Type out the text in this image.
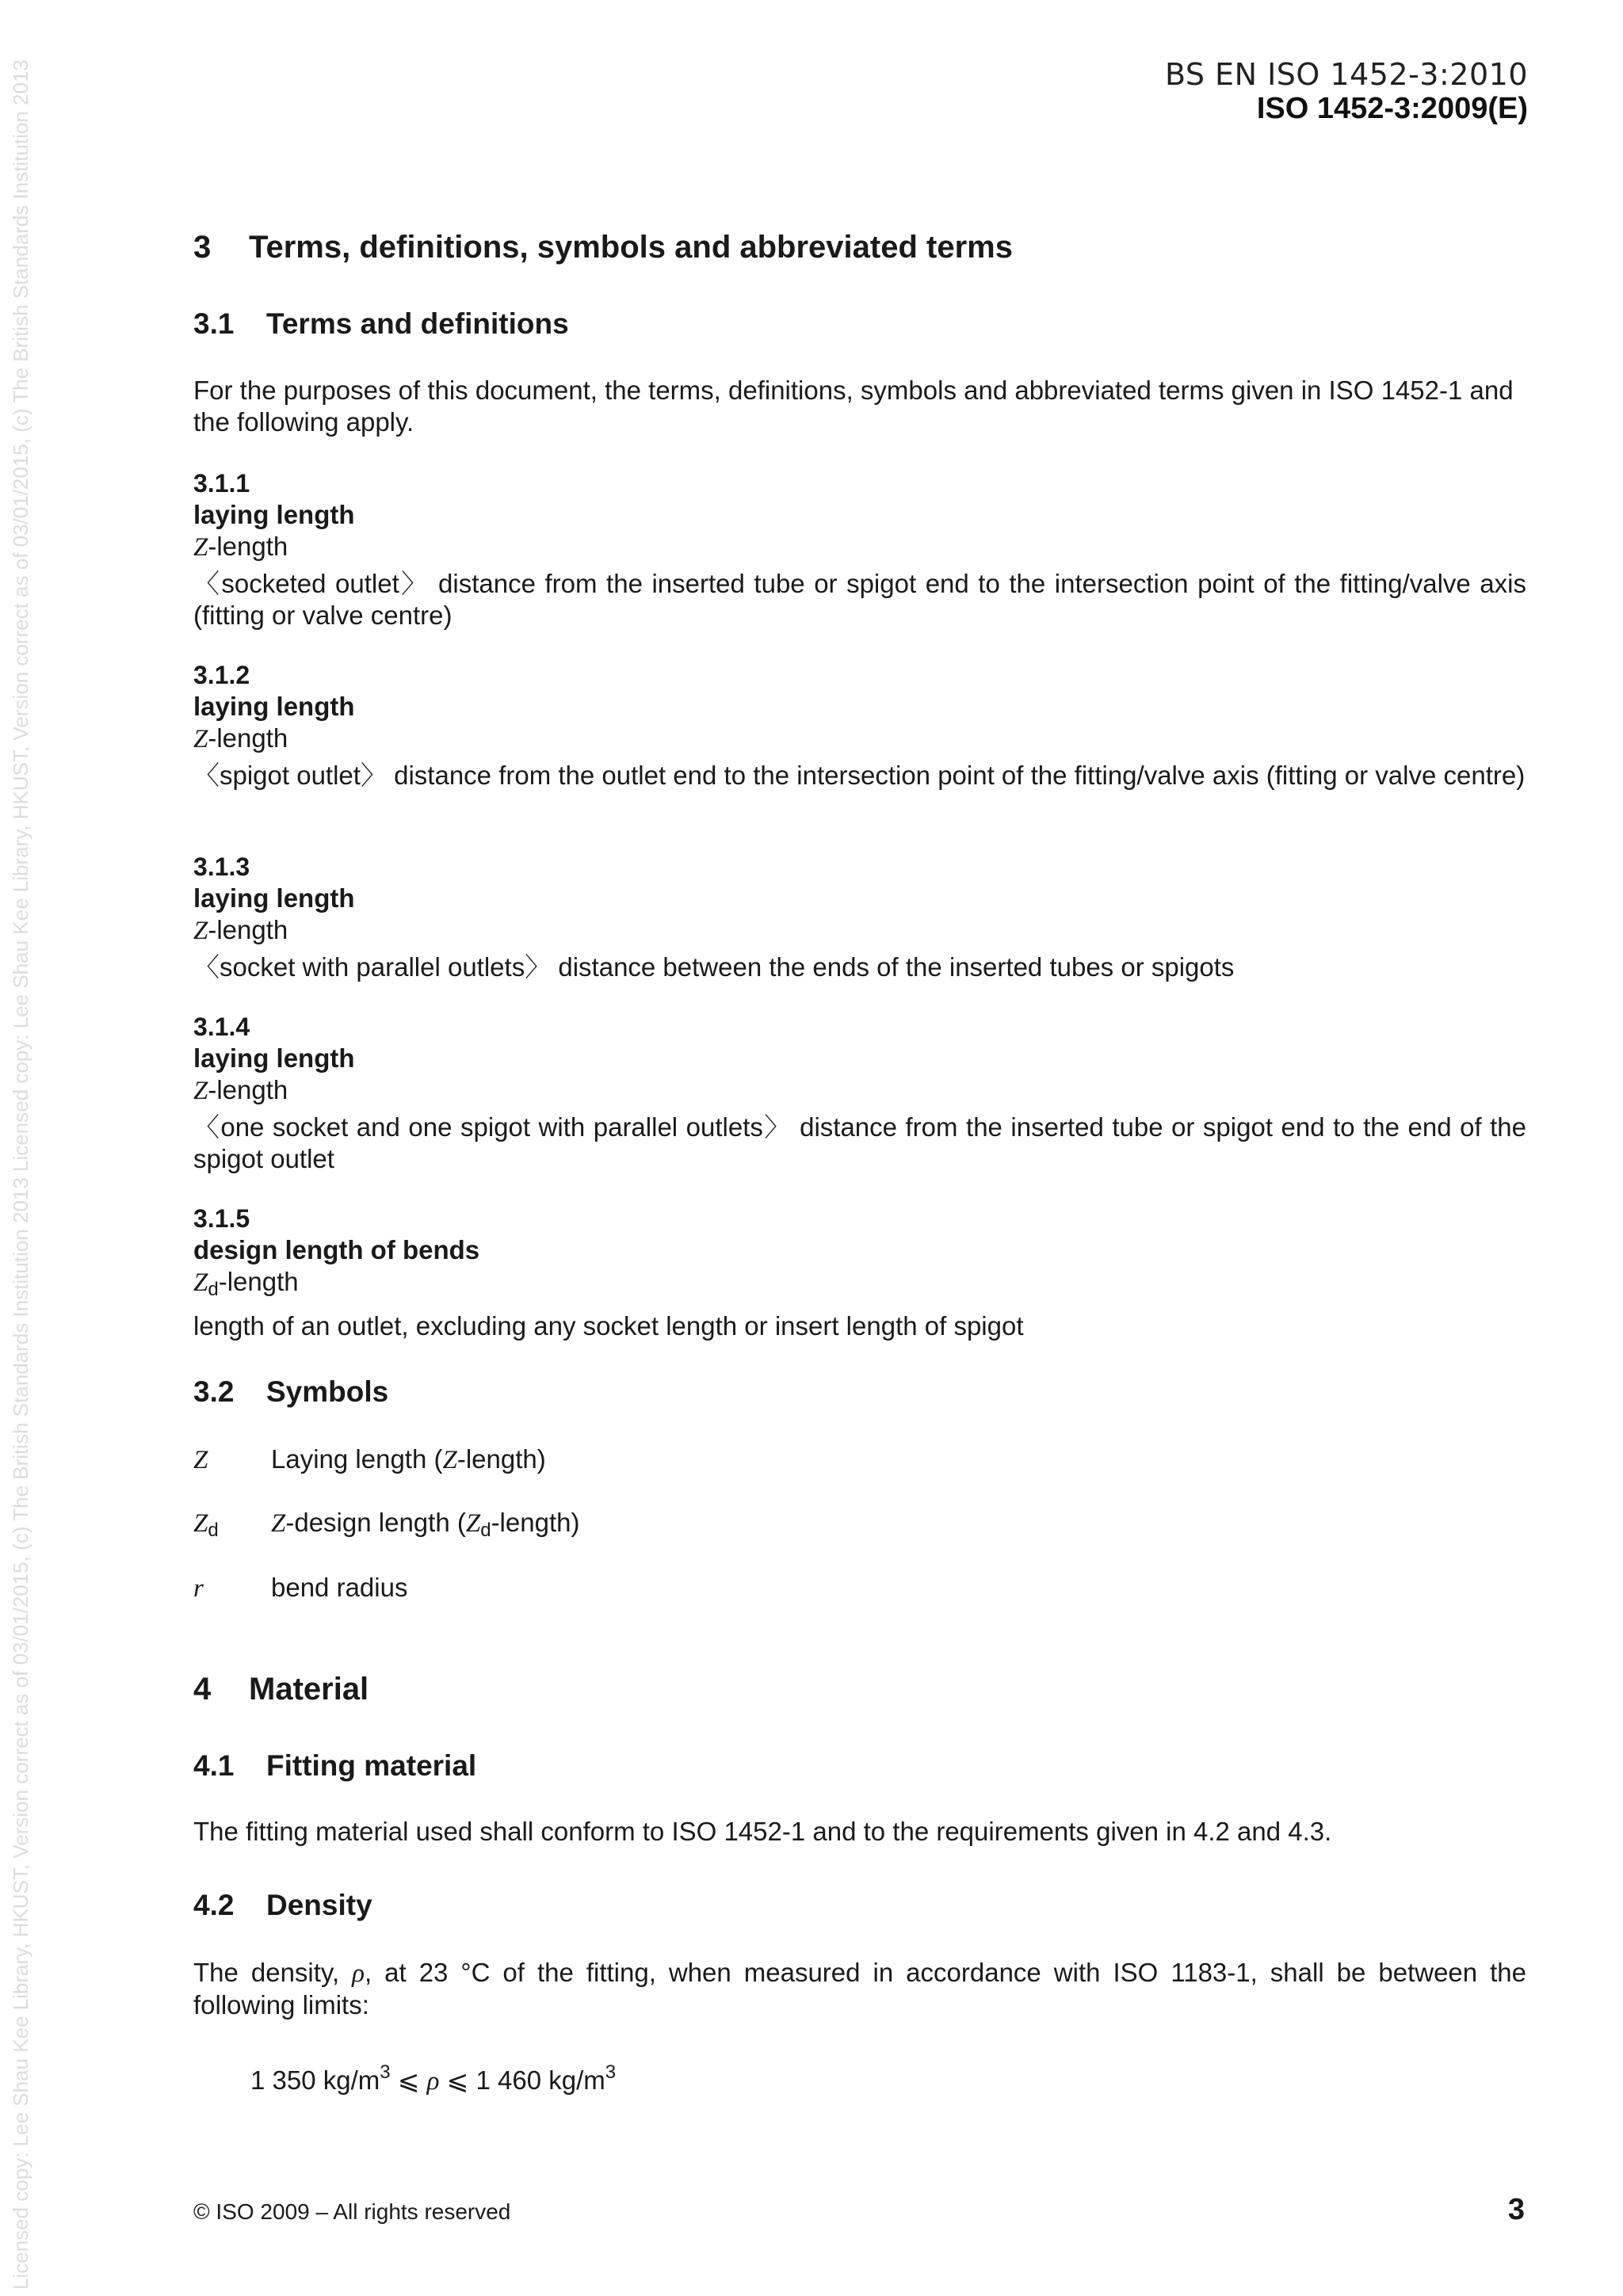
Licensed copy: Lee Shau Kee Library, HKUST, Version correct as of 03/01/2015, (c) The British Standards Institution 2013 Licensed copy: Lee Shau Kee Library, HKUST, Version correct as of 03/01/2015, (c) The British Standards Institution 2013	BS EN ISO 1452-3:2010
ISO 1452-3:2009(E)
3 Terms, definitions, symbols and abbreviated terms
3.1 Terms and definitions
For the purposes of this document, the terms, definitions, symbols and abbreviated terms given in ISO 1452-1 and the following apply.
3.1.1
laying length
Z-length
〈socketed outlet〉 distance from the inserted tube or spigot end to the intersection point of the fitting/valve axis (fitting or valve centre)
3.1.2
laying length
Z-length
〈spigot outlet〉 distance from the outlet end to the intersection point of the fitting/valve axis (fitting or valve centre)
3.1.3
laying length
Z-length
〈socket with parallel outlets〉 distance between the ends of the inserted tubes or spigots
3.1.4
laying length
Z-length
〈one socket and one spigot with parallel outlets〉 distance from the inserted tube or spigot end to the end of the spigot outlet
3.1.5
design length of bends
$Z_d$-length
length of an outlet, excluding any socket length or insert length of spigot
3.2 Symbols
Z Laying length (Z-length)
$Z_d$ Z-design length $(Z_d-length)$
r	bend radius
4 Material
4.1 Fitting material
The fitting material used shall conform to ISO 1452-1 and to the requirements given in 4.2 and 4.3.
4.2 Density
The density, ρ, at 23 °C of the fitting, when measured in accordance with ISO 1183-1, shall be between the following limits:
1 350 $kg/m^3$ ⩽ ρ ⩽ 1 460 $kg/m^3$
© ISO 2009 – All rights reserved	3
